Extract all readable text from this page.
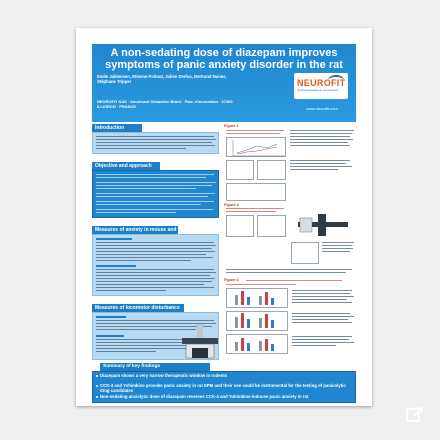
A non-sedating dose of diazepam improves symptoms of panic anxiety disorder in the rat
Emile Jablensen, Etienne Poitout, Julien Drefus, Bertrand Nunes, Stéphane Tripper
NEUROFIT SAS · boulevard Sébastien Brant · Parc d'innovation · 67400 ILLKIRCH · FRANCE
NEUROFIT
preclinical research in neuroscience
www.neurofit.com
Introduction
Objective and approach
Measures of anxiety in mouse and
Measures of locomotor disturbance
Figure 1
Figure 2
Figure 3
Summary of key findings
Diazepam shows a very narrow therapeutic window in rodents
CCK-4 and Yohimbine provoke panic anxiety in rat EPM and their use could be instrumental for the testing of panicolytic drug candidates
Non-sedating anxiolytic dose of diazepam reverses CCK-4 and Yohimbine-induces panic anxiety in rat
